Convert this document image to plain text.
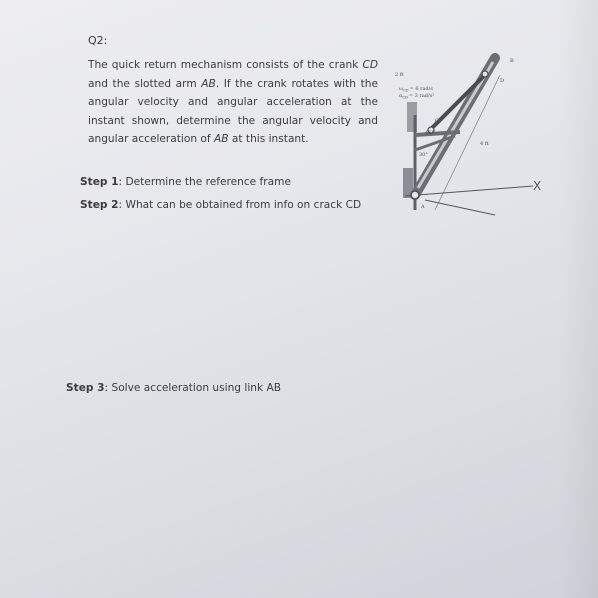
Q2:
The quick return mechanism consists of the crank CD and the slotted arm AB. If the crank rotates with the angular velocity and angular acceleration at the instant shown, determine the angular velocity and angular acceleration of AB at this instant.
Step 1: Determine the reference frame
Step 2: What can be obtained from info on crack CD
Step 3: Solve acceleration using link AB
B
D
2 ft
4 ft
$\omega_{CD}= 6$ rad/s
$\alpha_{CD}= 3$ rad/s²
30°
45°
C
A
X
